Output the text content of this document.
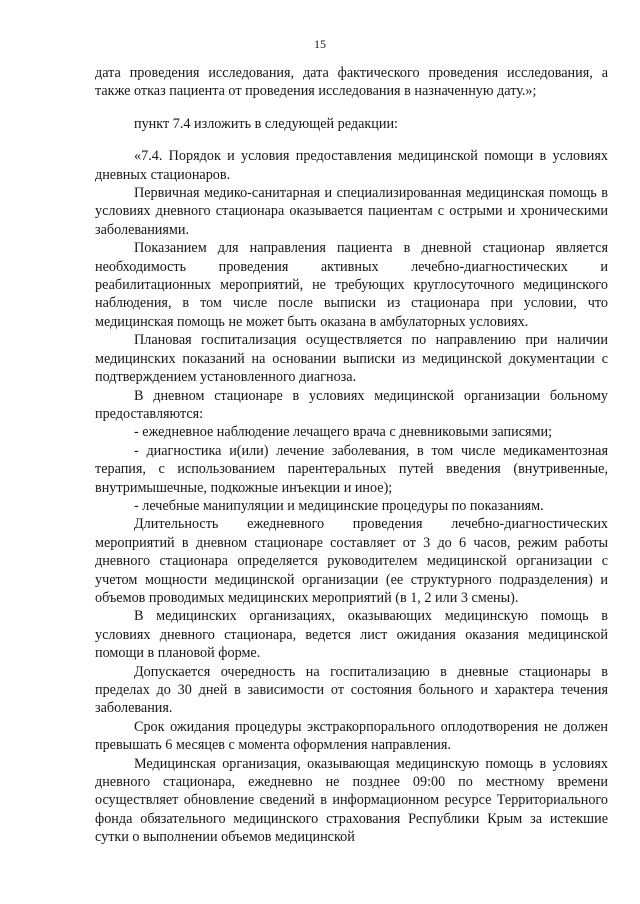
15

дата проведения исследования, дата фактического проведения исследования, а также отказ пациента от проведения исследования в назначенную дату.»;

пункт 7.4 изложить в следующей редакции:

«7.4. Порядок и условия предоставления медицинской помощи в условиях дневных стационаров.

Первичная медико-санитарная и специализированная медицинская помощь в условиях дневного стационара оказывается пациентам с острыми и хроническими заболеваниями.

Показанием для направления пациента в дневной стационар является необходимость проведения активных лечебно-диагностических и реабилитационных мероприятий, не требующих круглосуточного медицинского наблюдения, в том числе после выписки из стационара при условии, что медицинская помощь не может быть оказана в амбулаторных условиях.

Плановая госпитализация осуществляется по направлению при наличии медицинских показаний на основании выписки из медицинской документации с подтверждением установленного диагноза.

В дневном стационаре в условиях медицинской организации больному предоставляются:

- ежедневное наблюдение лечащего врача с дневниковыми записями;

- диагностика и(или) лечение заболевания, в том числе медикаментозная терапия, с использованием парентеральных путей введения (внутривенные, внутримышечные, подкожные инъекции и иное);

- лечебные манипуляции и медицинские процедуры по показаниям.

Длительность ежедневного проведения лечебно-диагностических мероприятий в дневном стационаре составляет от 3 до 6 часов, режим работы дневного стационара определяется руководителем медицинской организации с учетом мощности медицинской организации (ее структурного подразделения) и объемов проводимых медицинских мероприятий (в 1, 2 или 3 смены).

В медицинских организациях, оказывающих медицинскую помощь в условиях дневного стационара, ведется лист ожидания оказания медицинской помощи в плановой форме.

Допускается очередность на госпитализацию в дневные стационары в пределах до 30 дней в зависимости от состояния больного и характера течения заболевания.

Срок ожидания процедуры экстракорпорального оплодотворения не должен превышать 6 месяцев с момента оформления направления.

Медицинская организация, оказывающая медицинскую помощь в условиях дневного стационара, ежедневно не позднее 09:00 по местному времени осуществляет обновление сведений в информационном ресурсе Территориального фонда обязательного медицинского страхования Республики Крым за истекшие сутки о выполнении объемов медицинской
